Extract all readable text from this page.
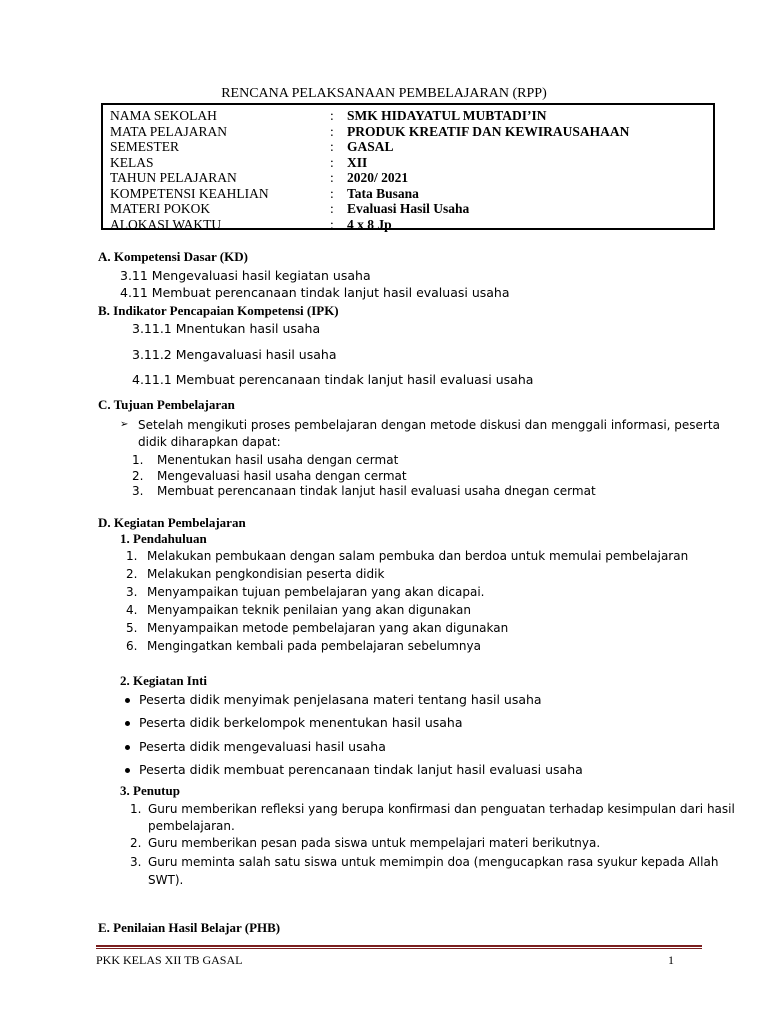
RENCANA PELAKSANAAN PEMBELAJARAN (RPP)
NAMA SEKOLAH	: SMK HIDAYATUL MUBTADI’IN
MATA PELAJARAN	: PRODUK KREATIF DAN KEWIRAUSAHAAN
SEMESTER	: GASAL
KELAS	: XII
TAHUN PELAJARAN	: 2020/ 2021
KOMPETENSI KEAHLIAN	: Tata Busana
MATERI POKOK	: Evaluasi Hasil Usaha
ALOKASI WAKTU	: 4 x 8 Jp
A. Kompetensi Dasar (KD)
3.11 Mengevaluasi hasil kegiatan usaha
4.11 Membuat perencanaan tindak lanjut hasil evaluasi usaha
B. Indikator Pencapaian Kompetensi (IPK)
3.11.1 Mnentukan hasil usaha
3.11.2 Mengavaluasi hasil usaha
4.11.1 Membuat perencanaan tindak lanjut hasil evaluasi usaha
C. Tujuan Pembelajaran
➢ Setelah mengikuti proses pembelajaran dengan metode diskusi dan menggali informasi, peserta
didik diharapkan dapat:
1. Menentukan hasil usaha dengan cermat
2. Mengevaluasi hasil usaha dengan cermat
3. Membuat perencanaan tindak lanjut hasil evaluasi usaha dnegan cermat
D. Kegiatan Pembelajaran
1. Pendahuluan
1. Melakukan pembukaan dengan salam pembuka dan berdoa untuk memulai pembelajaran
2. Melakukan pengkondisian peserta didik
3. Menyampaikan tujuan pembelajaran yang akan dicapai.
4. Menyampaikan teknik penilaian yang akan digunakan
5. Menyampaikan metode pembelajaran yang akan digunakan
6. Mengingatkan kembali pada pembelajaran sebelumnya
2. Kegiatan Inti
Peserta didik menyimak penjelasana materi tentang hasil usaha
Peserta didik berkelompok menentukan hasil usaha
Peserta didik mengevaluasi hasil usaha
Peserta didik membuat perencanaan tindak lanjut hasil evaluasi usaha
3. Penutup
1. Guru memberikan refleksi yang berupa konfirmasi dan penguatan terhadap kesimpulan dari hasil
pembelajaran.
2. Guru memberikan pesan pada siswa untuk mempelajari materi berikutnya.
3. Guru meminta salah satu siswa untuk memimpin doa (mengucapkan rasa syukur kepada Allah
SWT).
E. Penilaian Hasil Belajar (PHB)
PKK KELAS XII TB GASAL	1
